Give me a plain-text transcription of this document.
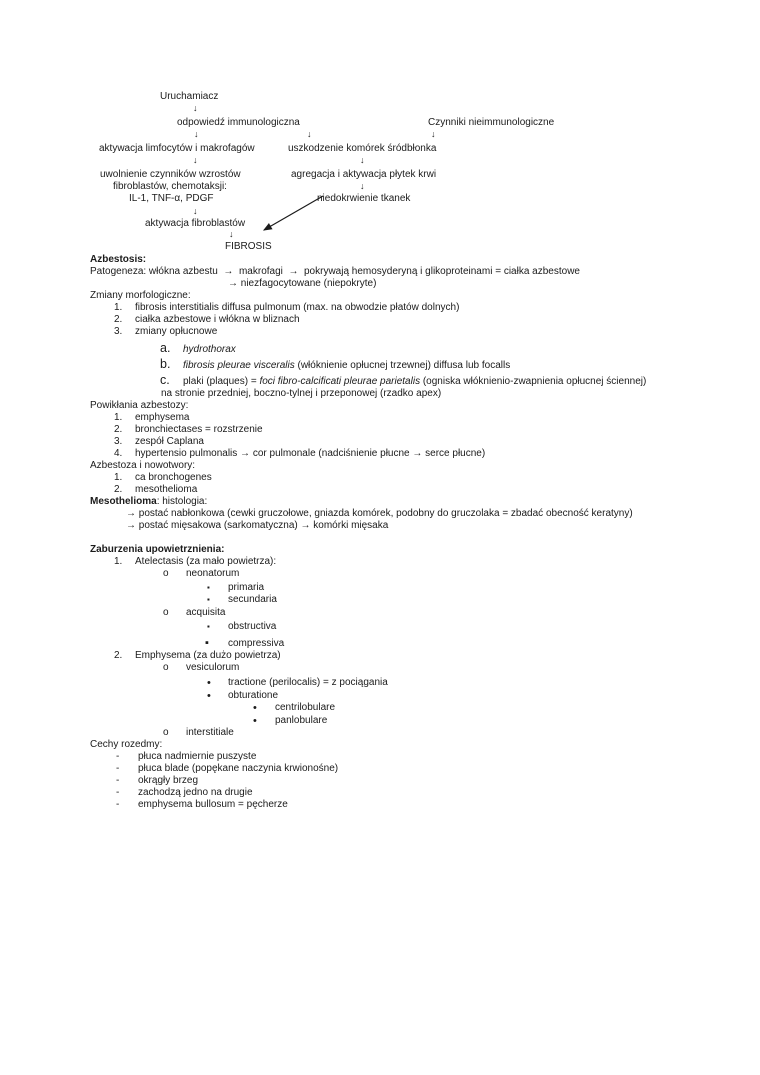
Uruchamiacz
↓
odpowiedź immunologiczna	Czynniki nieimmunologiczne
↓	↓	↓
aktywacja limfocytów i makrofagów	uszkodzenie komórek śródbłonka
↓	↓
uwolnienie czynników wzrostów	agregacja i aktywacja płytek krwi
fibroblastów, chemotaksji:	↓
IL-1, TNF-α, PDGF	niedokrwienie tkanek
↓
aktywacja fibroblastów
↓
FIBROSIS
Azbestosis:
Patogeneza: włókna azbestu  →  makrofagi  →  pokrywają hemosyderyną i glikoproteinami = ciałka azbestowe
→ niezfagocytowane (niepokryte)
Zmiany morfologiczne:
1. fibrosis interstitialis diffusa pulmonum (max. na obwodzie płatów dolnych)
2. ciałka azbestowe i włókna w bliznach
3. zmiany opłucnowe
a. hydrothorax
b. fibrosis pleurae visceralis (włóknienie opłucnej trzewnej) diffusa lub focalls
c. plaki (plaques) = foci fibro-calcificati pleurae parietalis (ogniska włóknienio-zwapnienia opłucnej ściennej)
na stronie przedniej, boczno-tylnej i przeponowej (rzadko apex)
Powikłania azbestozy:
1. emphysema
2. bronchiectases = rozstrzenie
3. zespół Caplana
4. hypertensio pulmonalis → cor pulmonale (nadciśnienie płucne → serce płucne)
Azbestoza i nowotwory:
1. ca bronchogenes
2. mesothelioma
Mesothelioma: histologia:
→ postać nabłonkowa (cewki gruczołowe, gniazda komórek, podobny do gruczolaka = zbadać obecność keratyny)
→ postać mięsakowa (sarkomatyczna) → komórki mięsaka
Zaburzenia upowietrznienia:
1. Atelectasis (za mało powietrza):
o neonatorum
▪ primaria
▪ secundaria
o acquisita
▪ obstructiva
▪ compressiva
2. Emphysema (za dużo powietrza)
o vesiculorum
• tractione (perilocalis) = z pociągania
• obturatione
• centrilobulare
• panlobulare
o interstitiale
Cechy rozedmy:
- płuca nadmiernie puszyste
- płuca blade (popękane naczynia krwionośne)
- okrągły brzeg
- zachodzą jedno na drugie
- emphysema bullosum = pęcherze
